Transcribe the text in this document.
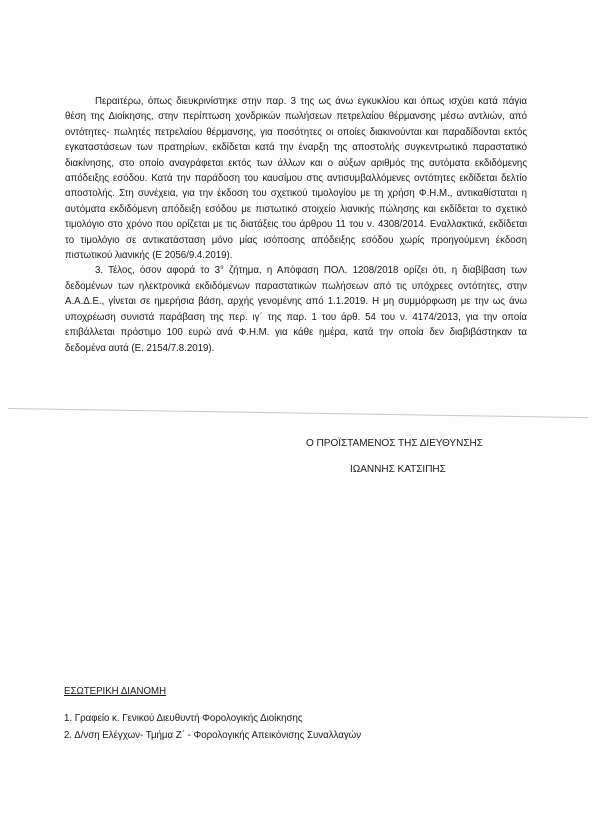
Περαιτέρω, όπως διευκρινίστηκε στην παρ. 3 της ως άνω εγκυκλίου και όπως ισχύει κατά πάγια θέση της Διοίκησης, στην περίπτωση χονδρικών πωλήσεων πετρελαίου θέρμανσης μέσω αντλιών, από οντότητες- πωλητές πετρελαίου θέρμανσης, για ποσότητες οι οποίες διακινούνται και παραδίδονται εκτός εγκαταστάσεων των πρατηρίων, εκδίδεται κατά την έναρξη της αποστολής συγκεντρωτικό παραστατικό διακίνησης, στο οποίο αναγράφεται εκτός των άλλων και ο αύξων αριθμός της αυτόματα εκδιδόμενης απόδειξης εσόδου. Κατά την παράδοση του καυσίμου στις αντισυμβαλλόμενες οντότητες εκδίδεται δελτίο αποστολής. Στη συνέχεια, για την έκδοση του σχετικού τιμολογίου με τη χρήση Φ.Η.Μ., αντικαθίσταται η αυτόματα εκδιδόμενη απόδειξη εσόδου με πιστωτικό στοιχείο λιανικής πώλησης και εκδίδεται το σχετικό τιμολόγιο στο χρόνο που ορίζεται με τις διατάξεις του άρθρου 11 του ν. 4308/2014. Εναλλακτικά, εκδίδεται το τιμολόγιο σε αντικατάσταση μόνο μίας ισόποσης απόδειξης εσόδου χωρίς προηγούμενη έκδοση πιστωτικού λιανικής (Ε 2056/9.4.2019).

3. Τέλος, όσον αφορά το 3° ζήτημα, η Απόφαση ΠΟΛ. 1208/2018 ορίζει ότι, η διαβίβαση των δεδομένων των ηλεκτρονικά εκδιδόμενων παραστατικών πωλήσεων από τις υπόχρεες οντότητες, στην Α.Α.Δ.Ε., γίνεται σε ημερήσια βάση, αρχής γενομένης από 1.1.2019. Η μη συμμόρφωση με την ως άνω υποχρέωση συνιστά παράβαση της περ. ιγ΄ της παρ. 1 του άρθ. 54 του ν. 4174/2013, για την οποία επιβάλλεται πρόστιμο 100 ευρώ ανά Φ.Η.Μ. για κάθε ημέρα, κατά την οποία δεν διαβιβάστηκαν τα δεδομένα αυτά (Ε. 2154/7.8.2019).

Ο ΠΡΟΪΣΤΑΜΕΝΟΣ ΤΗΣ ΔΙΕΥΘΥΝΣΗΣ
ΙΩΑΝΝΗΣ ΚΑΤΣΙΠΗΣ
ΕΣΩΤΕΡΙΚΗ ΔΙΑΝΟΜΗ
1. Γραφείο κ. Γενικού Διευθυντή Φορολογικής Διοίκησης
2. Δ/νση Ελέγχων- Τμήμα Ζ΄ - Φορολογικής Απεικόνισης Συναλλαγών
